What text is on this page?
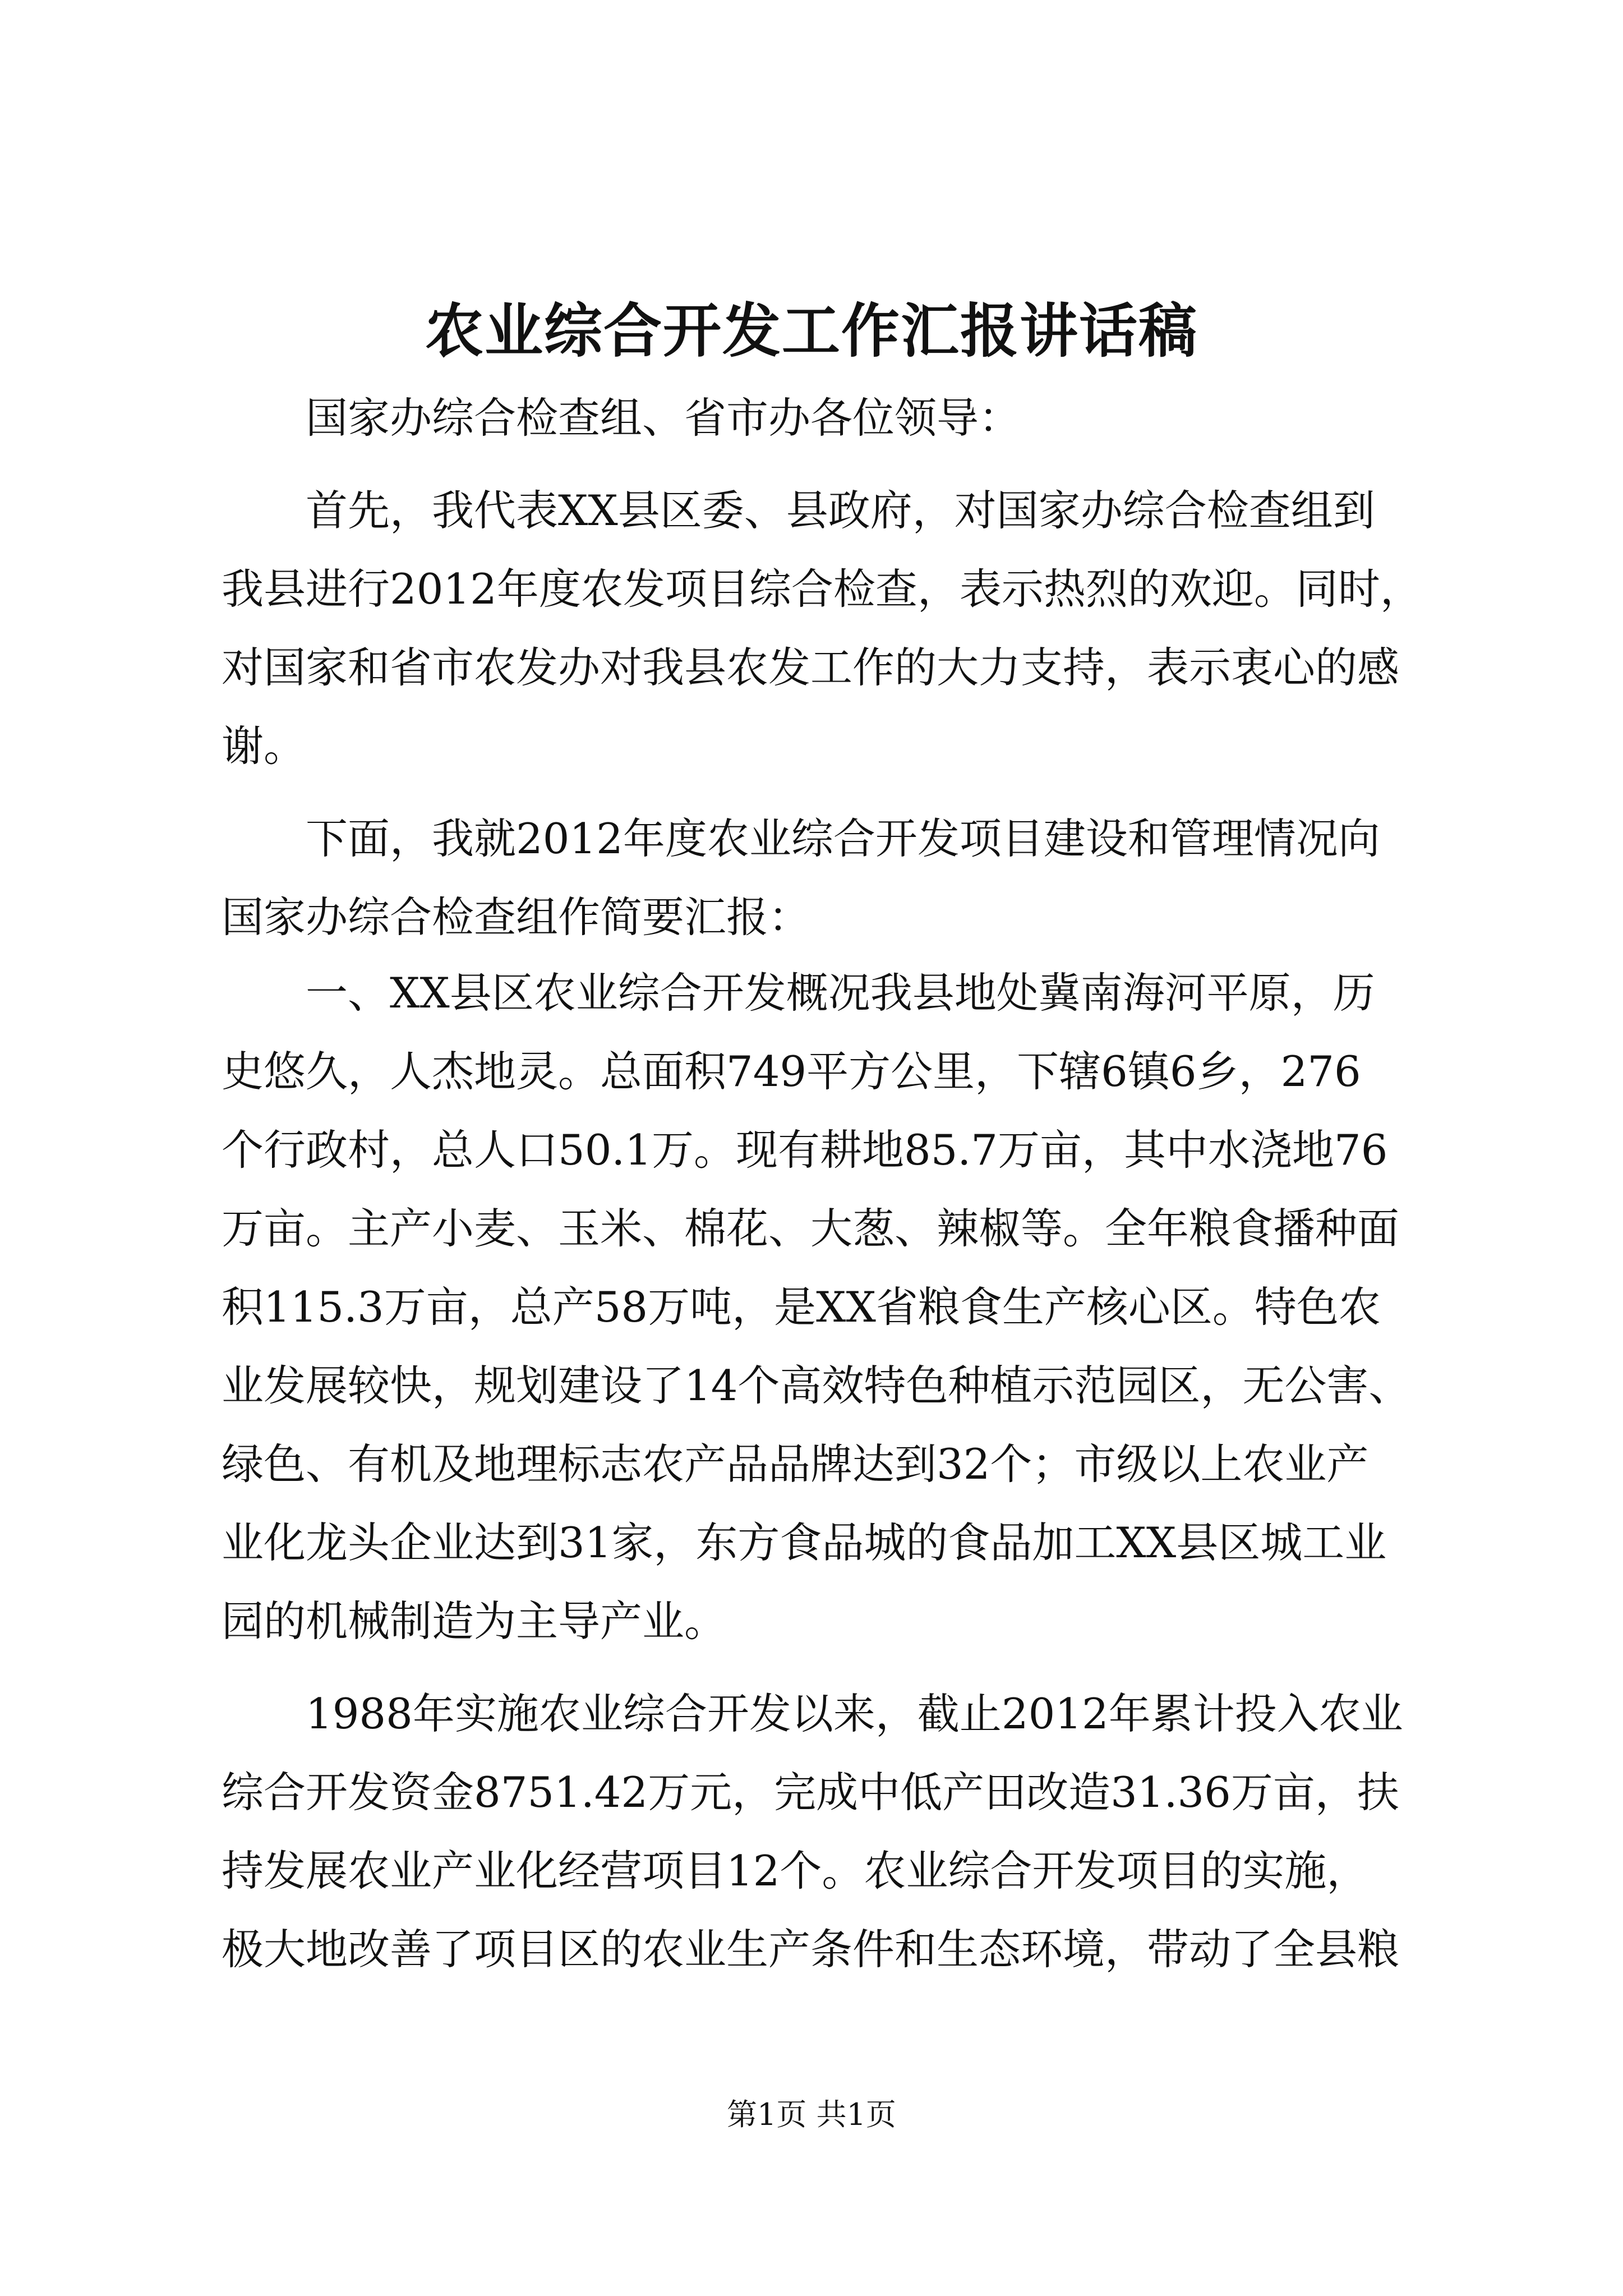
农业综合开发工作汇报讲话稿
国家办综合检查组、省市办各位领导：
首先，我代表XX县区委、县政府，对国家办综合检查组到
我县进行2012年度农发项目综合检查，表示热烈的欢迎。同时，
对国家和省市农发办对我县农发工作的大力支持，表示衷心的感
谢。
下面，我就2012年度农业综合开发项目建设和管理情况向
国家办综合检查组作简要汇报：
一、XX县区农业综合开发概况我县地处冀南海河平原，历
史悠久，人杰地灵。总面积749平方公里，下辖6镇6乡，276
个行政村，总人口50.1万。现有耕地85.7万亩，其中水浇地76
万亩。主产小麦、玉米、棉花、大葱、辣椒等。全年粮食播种面
积115.3万亩，总产58万吨，是XX省粮食生产核心区。特色农
业发展较快，规划建设了14个高效特色种植示范园区，无公害、
绿色、有机及地理标志农产品品牌达到32个；市级以上农业产
业化龙头企业达到31家，东方食品城的食品加工XX县区城工业
园的机械制造为主导产业。
1988年实施农业综合开发以来，截止2012年累计投入农业
综合开发资金8751.42万元，完成中低产田改造31.36万亩，扶
持发展农业产业化经营项目12个。农业综合开发项目的实施，
极大地改善了项目区的农业生产条件和生态环境，带动了全县粮
第1页 共1页
